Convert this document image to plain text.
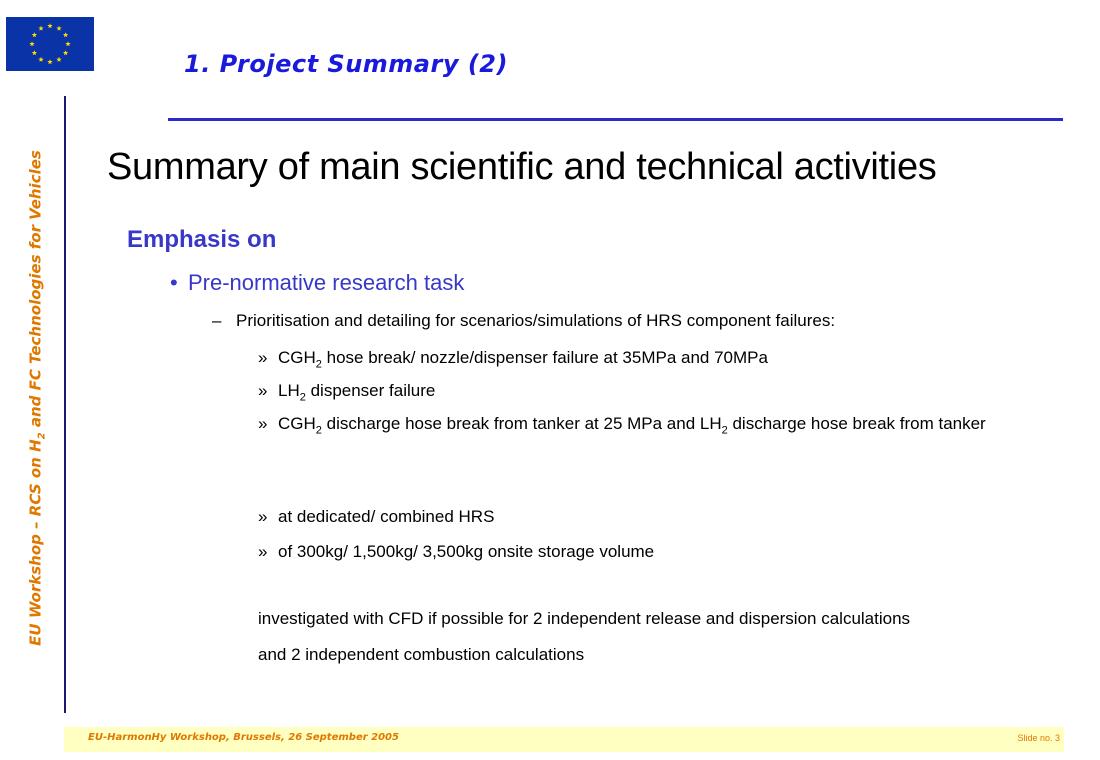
1. Project Summary (2)
EU Workshop – RCS on $H_2$ and FC Technologies for Vehicles Summary of main scientific and technical activities
Emphasis on
• Pre-normative research task
– Prioritisation and detailing for scenarios/simulations of HRS component failures:
» $CGH_2$ hose break/ nozzle/dispenser failure at 35MPa and 70MPa
» $LH_2$ dispenser failure
» $CGH_2$ discharge hose break from tanker at 25 MPa and $LH_2$ discharge hose break from tanker
» at dedicated/ combined HRS
» of 300kg/ 1,500kg/ 3,500kg onsite storage volume
investigated with CFD if possible for 2 independent release and dispersion calculations
and 2 independent combustion calculations
EU-HarmonHy Workshop, Brussels, 26 September 2005	Slide no. 3
